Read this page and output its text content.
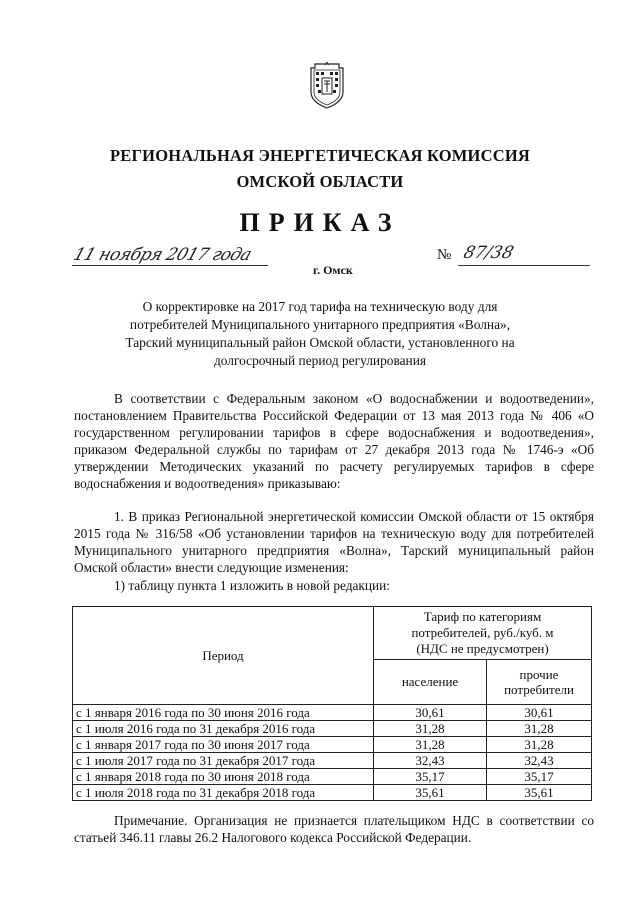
РЕГИОНАЛЬНАЯ ЭНЕРГЕТИЧЕСКАЯ КОМИССИЯ
ОМСКОЙ ОБЛАСТИ
ПРИКАЗ
11 ноября 2017 года
г. Омск
№ 87/38
О корректировке на 2017 год тарифа на техническую воду для
потребителей Муниципального унитарного предприятия «Волна»,
Тарский муниципальный район Омской области, установленного на
долгосрочный период регулирования
В соответствии с Федеральным законом «О водоснабжении и водоотведении», постановлением Правительства Российской Федерации от 13 мая 2013 года № 406 «О государственном регулировании тарифов в сфере водоснабжения и водоотведения», приказом Федеральной службы по тарифам от 27 декабря 2013 года № 1746-э «Об утверждении Методических указаний по расчету регулируемых тарифов в сфере водоснабжения и водоотведения» приказываю:
1. В приказ Региональной энергетической комиссии Омской области от 15 октября 2015 года № 316/58 «Об установлении тарифов на техническую воду для потребителей Муниципального унитарного предприятия «Волна», Тарский муниципальный район Омской области» внести следующие изменения:
1) таблицу пункта 1 изложить в новой редакции:
Период	Тариф по категориям
потребителей, руб./куб. м
(НДС не предусмотрен)	

	население	прочие
потребители

с 1 января 2016 года по 30 июня 2016 года	30,61	30,61
с 1 июля 2016 года по 31 декабря 2016 года	31,28	31,28
с 1 января 2017 года по 30 июня 2017 года	31,28	31,28
с 1 июля 2017 года по 31 декабря 2017 года	32,43	32,43
с 1 января 2018 года по 30 июня 2018 года	35,17	35,17
с 1 июля 2018 года по 31 декабря 2018 года	35,61	35,61
Примечание. Организация не признается плательщиком НДС в соответствии со статьей 346.11 главы 26.2 Налогового кодекса Российской Федерации.
